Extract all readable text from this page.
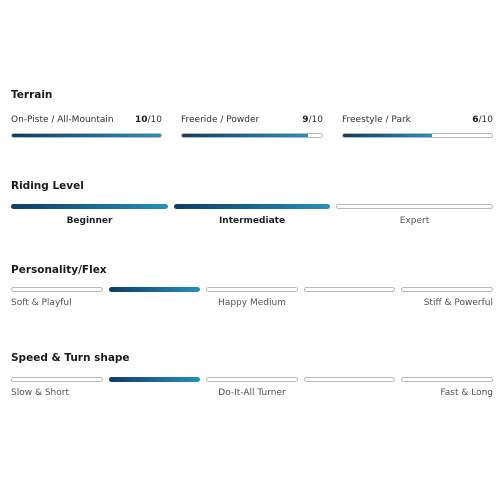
Terrain
On-Piste / All-Mountain 10/10 Freeride / Powder	9/10 Freestyle / Park	6/10
Riding Level
Beginner	Intermediate	Expert
Personality/Flex
Soft & Playful	Happy Medium	Stiff & Powerful
Speed & Turn shape
Slow & Short	Do-It-All Turner	Fast & Long
